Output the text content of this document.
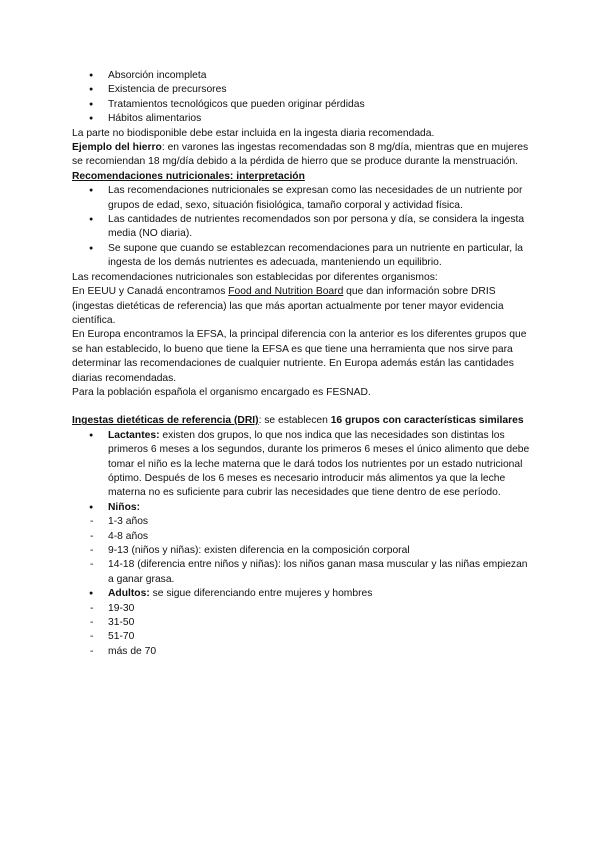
● Absorción incompleta
● Existencia de precursores
● Tratamientos tecnológicos que pueden originar pérdidas
● Hábitos alimentarios

La parte no biodisponible debe estar incluida en la ingesta diaria recomendada.

Ejemplo del hierro: en varones las ingestas recomendadas son 8 mg/día, mientras que en mujeres se recomiendan 18 mg/día debido a la pérdida de hierro que se produce durante la menstruación.

Recomendaciones nutricionales: interpretación

● Las recomendaciones nutricionales se expresan como las necesidades de un nutriente por grupos de edad, sexo, situación fisiológica, tamaño corporal y actividad física.
● Las cantidades de nutrientes recomendados son por persona y día, se considera la ingesta media (NO diaria).
● Se supone que cuando se establezcan recomendaciones para un nutriente en particular, la ingesta de los demás nutrientes es adecuada, manteniendo un equilibrio.

Las recomendaciones nutricionales son establecidas por diferentes organismos:

En EEUU y Canadá encontramos Food and Nutrition Board que dan información sobre DRIS (ingestas dietéticas de referencia) las que más aportan actualmente por tener mayor evidencia científica.

En Europa encontramos la EFSA, la principal diferencia con la anterior es los diferentes grupos que se han establecido, lo bueno que tiene la EFSA es que tiene una herramienta que nos sirve para determinar las recomendaciones de cualquier nutriente. En Europa además están las cantidades diarias recomendadas.

Para la población española el organismo encargado es FESNAD.

Ingestas dietéticas de referencia (DRI): se establecen 16 grupos con características similares

● Lactantes: existen dos grupos, lo que nos indica que las necesidades son distintas los primeros 6 meses a los segundos, durante los primeros 6 meses el único alimento que debe tomar el niño es la leche materna que le dará todos los nutrientes por un estado nutricional óptimo. Después de los 6 meses es necesario introducir más alimentos ya que la leche materna no es suficiente para cubrir las necesidades que tiene dentro de ese período.
● Niños:
- 1-3 años
- 4-8 años
- 9-13 (niños y niñas): existen diferencia en la composición corporal
- 14-18 (diferencia entre niños y niñas): los niños ganan masa muscular y las niñas empiezan a ganar grasa.
● Adultos: se sigue diferenciando entre mujeres y hombres
- 19-30
- 31-50
- 51-70
- más de 70
